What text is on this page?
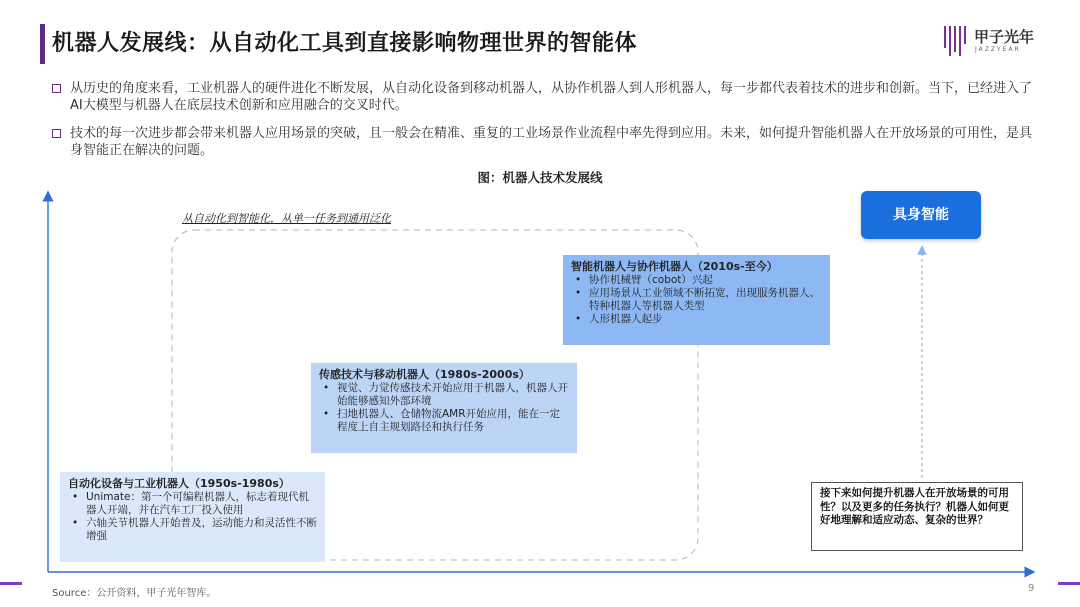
机器人发展线：从自动化工具到直接影响物理世界的智能体	甲子光年
JAZZYEAR
从历史的角度来看，工业机器人的硬件进化不断发展，从自动化设备到移动机器人，从协作机器人到人形机器人，每一步都代表着技术的进步和创新。当下，已经进入了AI大模型与机器人在底层技术创新和应用融合的交叉时代。
技术的每一次进步都会带来机器人应用场景的突破，且一般会在精准、重复的工业场景作业流程中率先得到应用。未来，如何提升智能机器人在开放场景的可用性，是具身智能正在解决的问题。
图：机器人技术发展线
从自动化到智能化，从单一任务到通用泛化
智能机器人与协作机器人（2010s-至今）
• 协作机械臂（cobot）兴起
• 应用场景从工业领域不断拓宽，出现服务机器人、特种机器人等机器人类型
• 人形机器人起步
传感技术与移动机器人（1980s-2000s）
• 视觉、力觉传感技术开始应用于机器人，机器人开始能够感知外部环境
• 扫地机器人、仓储物流AMR开始应用，能在一定程度上自主规划路径和执行任务
自动化设备与工业机器人（1950s-1980s）
• Unimate：第一个可编程机器人，标志着现代机器人开端，并在汽车工厂投入使用
• 六轴关节机器人开始普及，运动能力和灵活性不断增强
具身智能
接下来如何提升机器人在开放场景的可用性？以及更多的任务执行？机器人如何更好地理解和适应动态、复杂的世界？
Source：公开资料，甲子光年智库。	9
